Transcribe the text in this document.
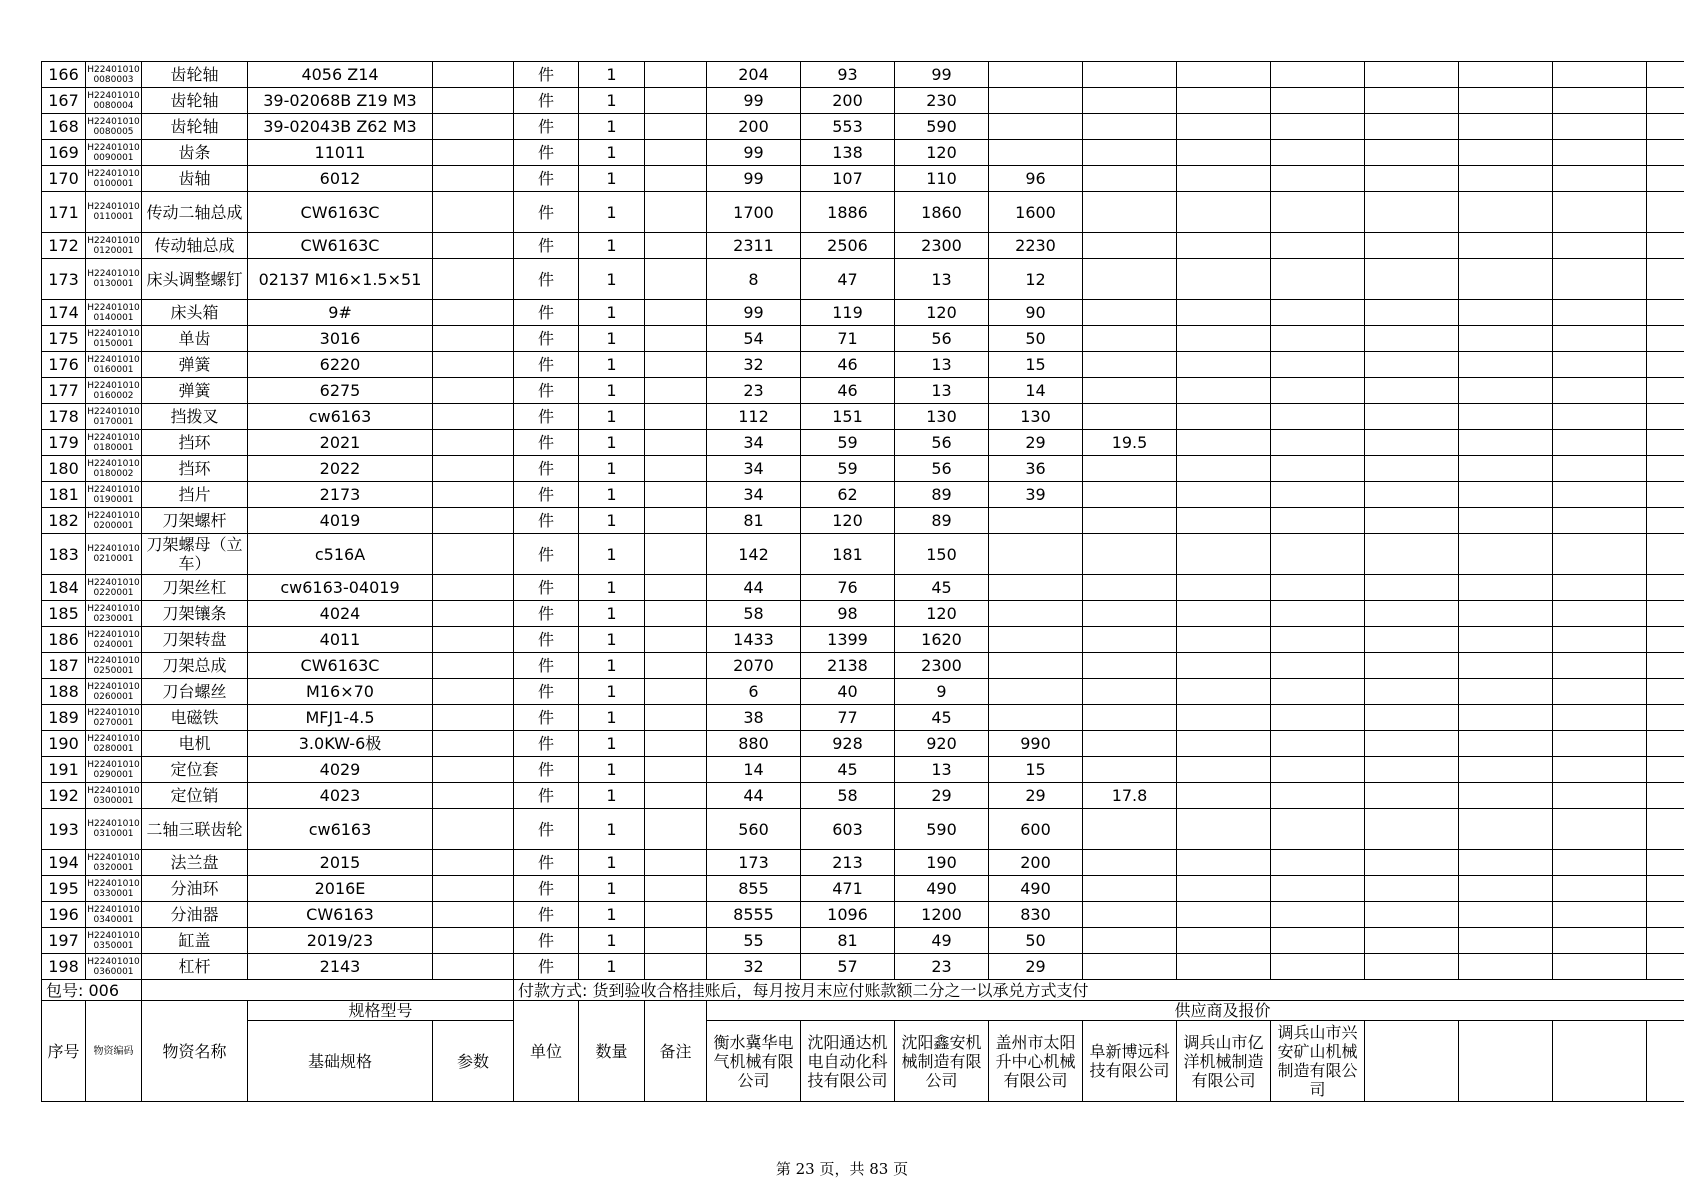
166	H224010100080003	齿轮轴	4056 Z14		件	1		204	93	99								
167	H224010100080004	齿轮轴	39-02068B Z19 M3		件	1		99	200	230								
168	H224010100080005	齿轮轴	39-02043B Z62 M3		件	1		200	553	590								
169	H224010100090001	齿条	11011		件	1		99	138	120								
170	H224010100100001	齿轴	6012		件	1		99	107	110	96							
171	H224010100110001	传动二轴总成	CW6163C		件	1		1700	1886	1860	1600							
172	H224010100120001	传动轴总成	CW6163C		件	1		2311	2506	2300	2230							
173	H224010100130001	床头调整螺钉	02137 M16×1.5×51		件	1		8	47	13	12							
174	H224010100140001	床头箱	9#		件	1		99	119	120	90							
175	H224010100150001	单齿	3016		件	1		54	71	56	50							
176	H224010100160001	弹簧	6220		件	1		32	46	13	15							
177	H224010100160002	弹簧	6275		件	1		23	46	13	14							
178	H224010100170001	挡拨叉	cw6163		件	1		112	151	130	130							
179	H224010100180001	挡环	2021		件	1		34	59	56	29	19.5						
180	H224010100180002	挡环	2022		件	1		34	59	56	36							
181	H224010100190001	挡片	2173		件	1		34	62	89	39							
182	H224010100200001	刀架螺杆	4019		件	1		81	120	89								
183	H224010100210001	刀架螺母（立车）	c516A		件	1		142	181	150								
184	H224010100220001	刀架丝杠	cw6163-04019		件	1		44	76	45								
185	H224010100230001	刀架镶条	4024		件	1		58	98	120								
186	H224010100240001	刀架转盘	4011		件	1		1433	1399	1620								
187	H224010100250001	刀架总成	CW6163C		件	1		2070	2138	2300								
188	H224010100260001	刀台螺丝	M16×70		件	1		6	40	9								
189	H224010100270001	电磁铁	MFJ1-4.5		件	1		38	77	45								
190	H224010100280001	电机	3.0KW-6极		件	1		880	928	920	990							
191	H224010100290001	定位套	4029		件	1		14	45	13	15							
192	H224010100300001	定位销	4023		件	1		44	58	29	29	17.8						
193	H224010100310001	二轴三联齿轮	cw6163		件	1		560	603	590	600							
194	H224010100320001	法兰盘	2015		件	1		173	213	190	200							
195	H224010100330001	分油环	2016E		件	1		855	471	490	490							
196	H224010100340001	分油器	CW6163		件	1		8555	1096	1200	830							
197	H224010100350001	缸盖	2019/23		件	1		55	81	49	50							
198	H224010100360001	杠杆	2143		件	1		32	57	23	29							
包号: 006					付款方式: 货到验收合格挂账后，每月按月末应付账款额二分之一以承兑方式支付													
序号	物资编码	物资名称	规格型号		单位	数量	备注	供应商及报价										
			基础规格	参数				衡水冀华电气机械有限公司	沈阳通达机电自动化科技有限公司	沈阳鑫安机械制造有限公司	盖州市太阳升中心机械有限公司	阜新博远科技有限公司	调兵山市亿洋机械制造有限公司	调兵山市兴安矿山机械制造有限公司				
第 23 页，共 83 页
